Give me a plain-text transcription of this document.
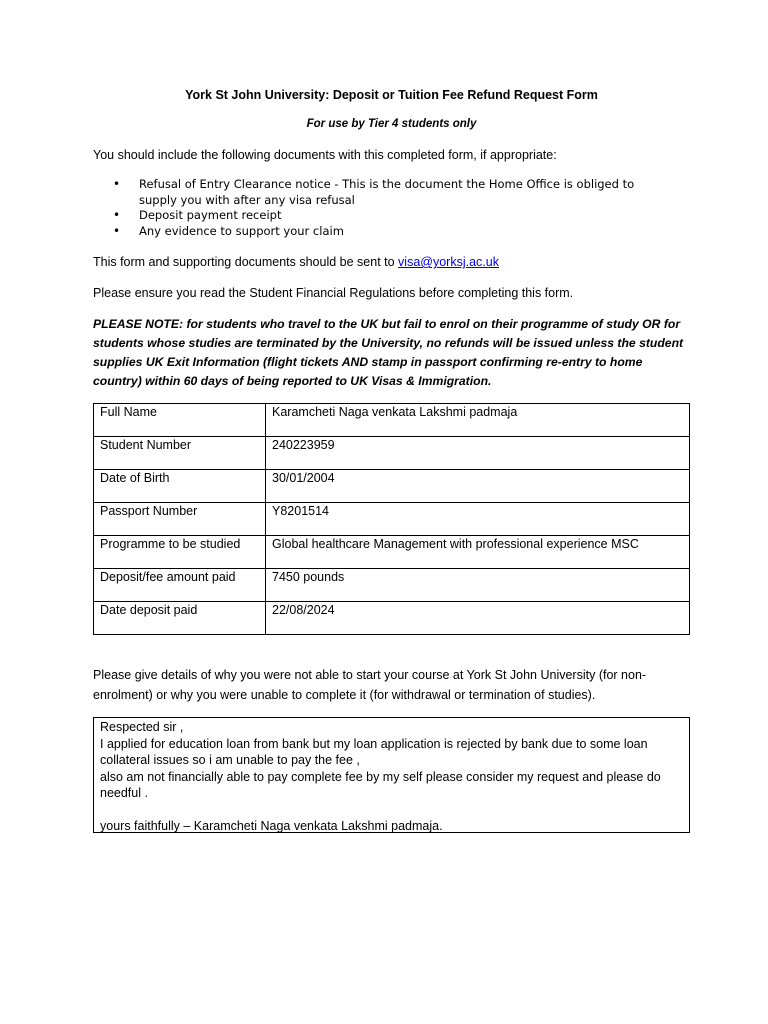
York St John University: Deposit or Tuition Fee Refund Request Form
For use by Tier 4 students only
You should include the following documents with this completed form, if appropriate:
• Refusal of Entry Clearance notice - This is the document the Home Office is obliged to supply you with after any visa refusal
• Deposit payment receipt
• Any evidence to support your claim
This form and supporting documents should be sent to visa@yorksj.ac.uk
Please ensure you read the Student Financial Regulations before completing this form.
PLEASE NOTE: for students who travel to the UK but fail to enrol on their programme of study OR for students whose studies are terminated by the University, no refunds will be issued unless the student supplies UK Exit Information (flight tickets AND stamp in passport confirming re-entry to home country) within 60 days of being reported to UK Visas & Immigration.
Full Name	Karamcheti Naga venkata Lakshmi padmaja
Student Number	240223959
Date of Birth	30/01/2004
Passport Number	Y8201514
Programme to be studied	Global healthcare Management with professional experience MSC
Deposit/fee amount paid	7450 pounds
Date deposit paid	22/08/2024
Please give details of why you were not able to start your course at York St John University (for non-enrolment) or why you were unable to complete it (for withdrawal or termination of studies).
Respected sir ,
I applied for education loan from bank but my loan application is rejected by bank due to some loan collateral issues so i am unable to pay the fee ,
also am not financially able to pay complete fee by my self please consider my request and please do needful .
yours faithfully – Karamcheti Naga venkata Lakshmi padmaja.
